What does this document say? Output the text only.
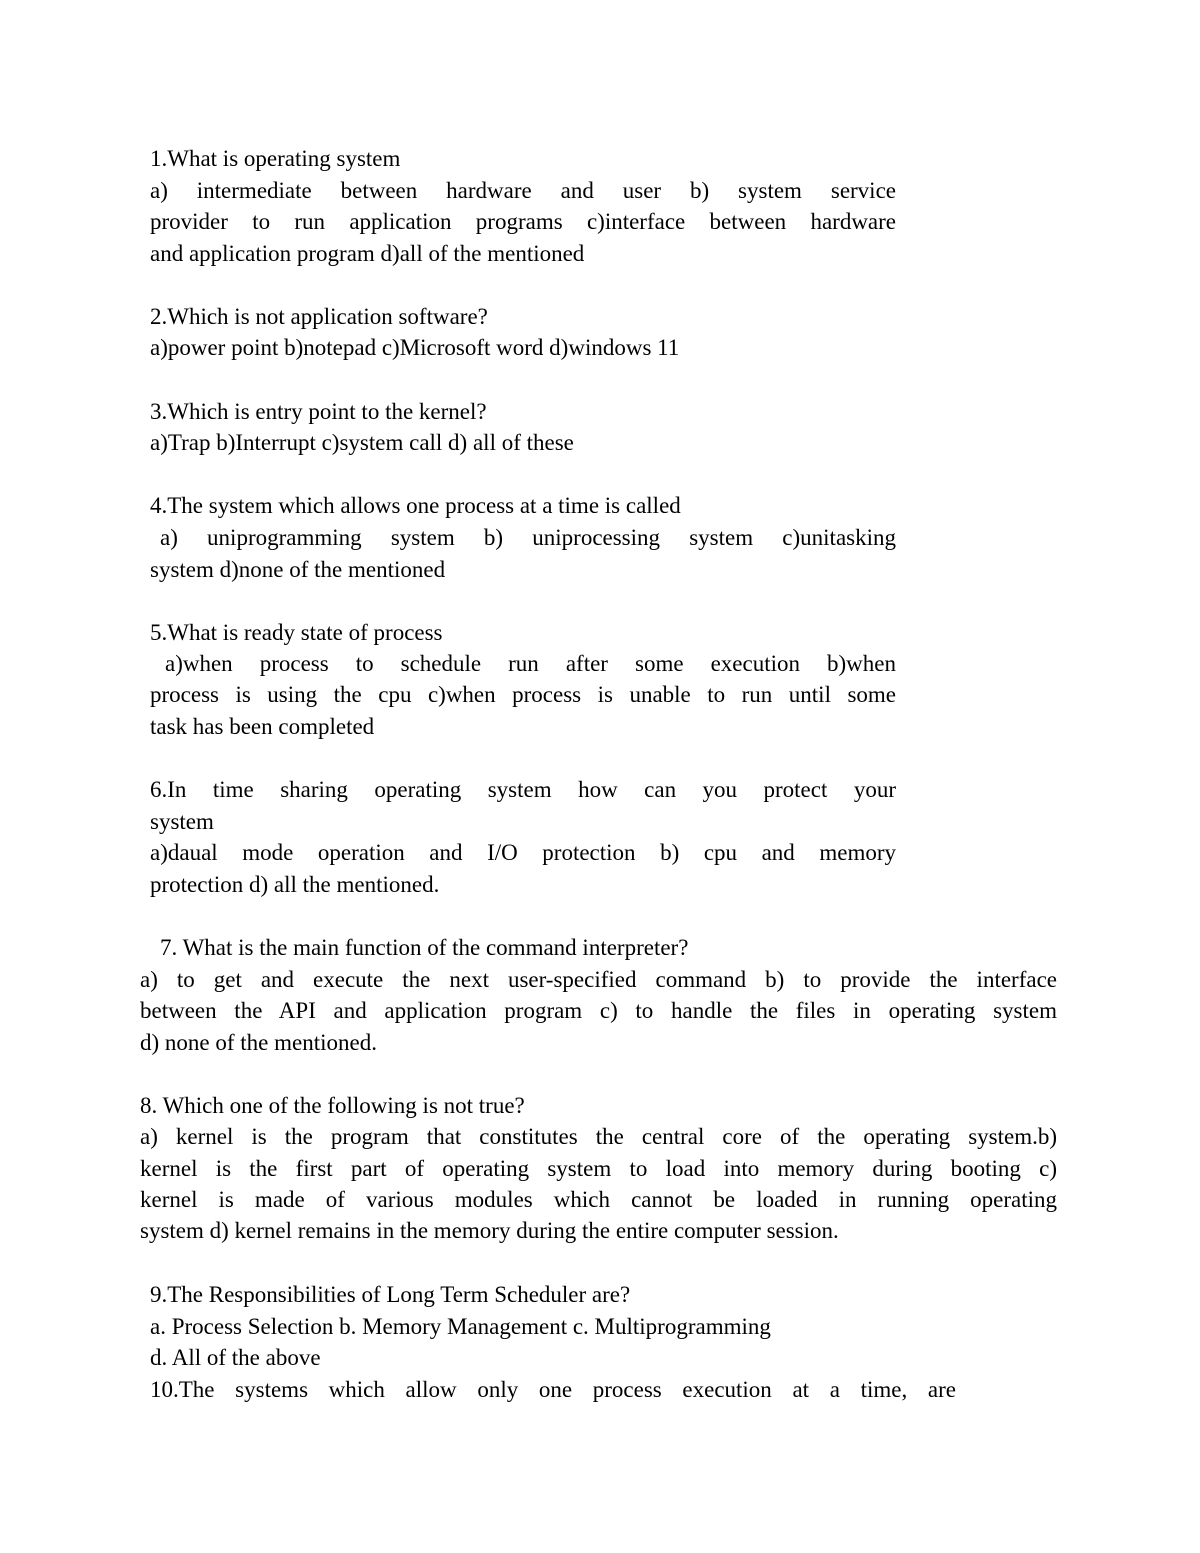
1.What is operating system
a) intermediate between hardware and user b) system service
provider to run application programs c)interface between hardware
and application program d)all of the mentioned
2.Which is not application software?
a)power point b)notepad c)Microsoft word d)windows 11
3.Which is entry point to the kernel?
a)Trap b)Interrupt c)system call d) all of these
4.The system which allows one process at a time is called
a) uniprogramming system b) uniprocessing system c)unitasking
system d)none of the mentioned
5.What is ready state of process
a)when process to schedule run after some execution b)when
process is using the cpu c)when process is unable to run until some
task has been completed
6.In time sharing operating system how can you protect your
system
a)daual mode operation and I/O protection b) cpu and memory
protection d) all the mentioned.
7. What is the main function of the command interpreter?
a) to get and execute the next user-specified command b) to provide the interface
between the API and application program c) to handle the files in operating system
d) none of the mentioned.
8. Which one of the following is not true?
a) kernel is the program that constitutes the central core of the operating system.b)
kernel is the first part of operating system to load into memory during booting c)
kernel is made of various modules which cannot be loaded in running operating
system d) kernel remains in the memory during the entire computer session.
9.The Responsibilities of Long Term Scheduler are?
a. Process Selection b. Memory Management c. Multiprogramming
d. All of the above
10.The systems which allow only one process execution at a time, are
